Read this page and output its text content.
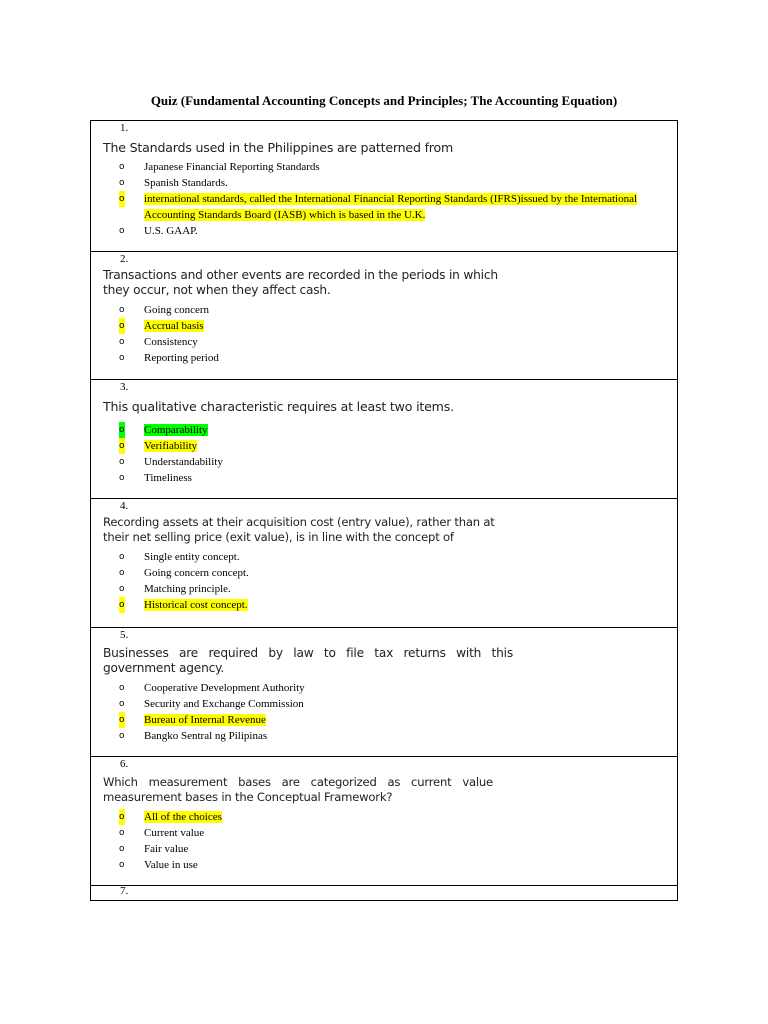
Quiz (Fundamental Accounting Concepts and Principles; The Accounting Equation)
1.
The Standards used in the Philippines are patterned from
o Japanese Financial Reporting Standards
o Spanish Standards.
o international standards, called the International Financial Reporting Standards (IFRS)issued by the International Accounting Standards Board (IASB) which is based in the U.K.
o U.S. GAAP.
2.
Transactions and other events are recorded in the periods in which they occur, not when they affect cash.
o Going concern
o Accrual basis
o Consistency
o Reporting period
3.
This qualitative characteristic requires at least two items.
o Comparability
o Verifiability
o Understandability
o Timeliness
4.
Recording assets at their acquisition cost (entry value), rather than at their net selling price (exit value), is in line with the concept of
o Single entity concept.
o Going concern concept.
o Matching principle.
o Historical cost concept.
5.
Businesses are required by law to file tax returns with this government agency.
o Cooperative Development Authority
o Security and Exchange Commission
o Bureau of Internal Revenue
o Bangko Sentral ng Pilipinas
6.
Which measurement bases are categorized as current value measurement bases in the Conceptual Framework?
o All of the choices
o Current value
o Fair value
o Value in use
7.
